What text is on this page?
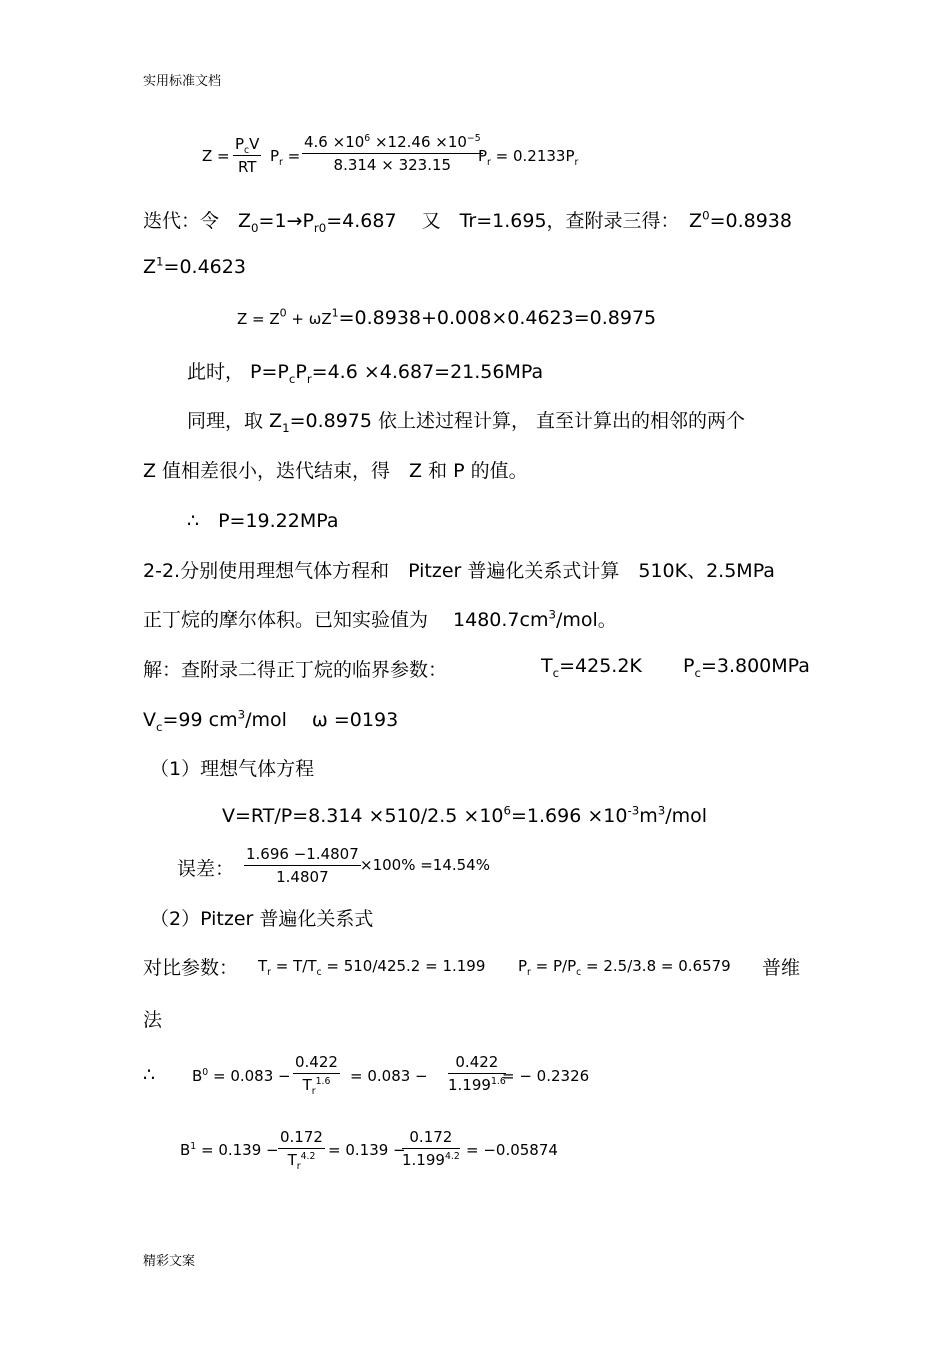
实用标准文档
Z =
$P_cV$
RT
$P_r = \frac{4.6 \times 10^6 \times 12.46 \times 10^{-5}}{8.314 \times 323.15}$
$P_r = 0.2133P_r$
迭代：令　$Z_0=1\to P_{r0}=4.687$　 又　Tr=1.695，查附录三得：　$Z^0=0.8938$
$Z^1=0.4623$
$Z = Z^0 + \omega Z^1=0.8938+0.008\times 0.4623=0.8975$
此时， $P=P_cP_r=4.6 \times 4.687=21.56MPa$
同理，取 $Z_1=0.8975$ 依上述过程计算， 直至计算出的相邻的两个
Z 值相差很小，迭代结束，得　Z 和 P 的值。
∴　P=19.22MPa
2-2.分别使用理想气体方程和　Pitzer 普遍化关系式计算　510K、2.5MPa
正丁烷的摩尔体积。已知实验值为　 $1480.7cm^3$/mol。
解：查附录二得正丁烷的临界参数：	$T_c=425.2K$ $P_c=3.800MPa$
$V_c=99$ $cm^3$/mol　 ω =0193
（1）理想气体方程
$V=RT/P=8.314 \times 510/2.5 \times 10^6=1.696 \times 10^{-3}m^3/mol$
误差： $\frac{1.696 -1.4807}{1.4807} \times 100\% =14.54\%$
（2）Pitzer 普遍化关系式
对比参数： $T_r = T/T_c = 510/425.2 = 1.199$ $P_r = P/P_c = 2.5/3.8 = 0.6579$ 普维
法
∴ $B^0 = 0.083 - \frac{0.422}{T_r^{1.6}} = 0.083 - \frac{0.422}{1.199^{1.6}}$
= − 0.2326
$B^1 = 0.139 - \frac{0.172}{T_r^{4.2}} = 0.139$ −
$\frac{0.172}{1.199^{4.2}} = -0.05874$
精彩文案
